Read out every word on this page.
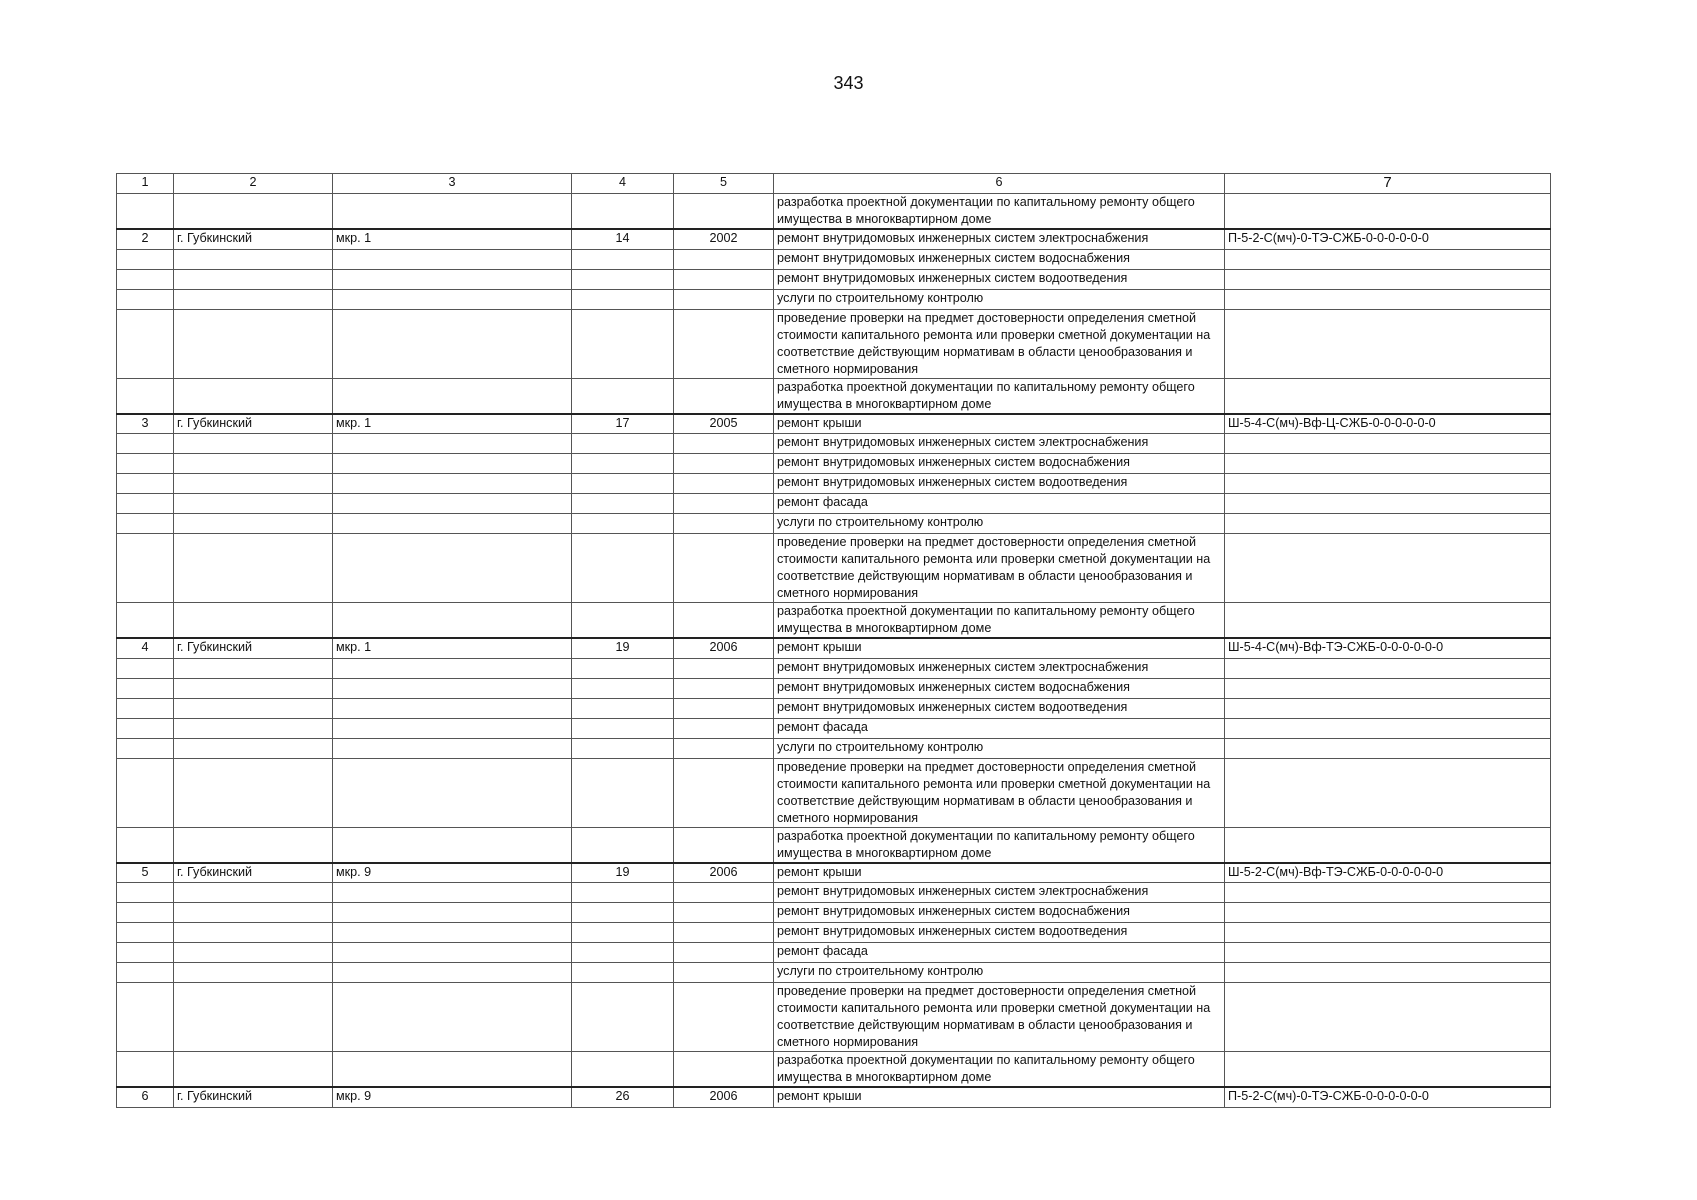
343
1	2	3	4	5	6	7
					разработка проектной документации по капитальному ремонту общего имущества в многоквартирном доме	
2	г. Губкинский	мкр. 1	14	2002	ремонт внутридомовых инженерных систем электроснабжения	П-5-2-С(мч)-0-ТЭ-СЖБ-0-0-0-0-0-0
					ремонт внутридомовых инженерных систем водоснабжения	
					ремонт внутридомовых инженерных систем водоотведения	
					услуги по строительному контролю	
					проведение проверки на предмет достоверности определения сметной стоимости капитального ремонта или проверки сметной документации на соответствие действующим нормативам в области ценообразования и сметного нормирования	
					разработка проектной документации по капитальному ремонту общего имущества в многоквартирном доме	
3	г. Губкинский	мкр. 1	17	2005	ремонт крыши	Ш-5-4-С(мч)-Вф-Ц-СЖБ-0-0-0-0-0-0
					ремонт внутридомовых инженерных систем электроснабжения	
					ремонт внутридомовых инженерных систем водоснабжения	
					ремонт внутридомовых инженерных систем водоотведения	
					ремонт фасада	
					услуги по строительному контролю	
					проведение проверки на предмет достоверности определения сметной стоимости капитального ремонта или проверки сметной документации на соответствие действующим нормативам в области ценообразования и сметного нормирования	
					разработка проектной документации по капитальному ремонту общего имущества в многоквартирном доме	
4	г. Губкинский	мкр. 1	19	2006	ремонт крыши	Ш-5-4-С(мч)-Вф-ТЭ-СЖБ-0-0-0-0-0-0
					ремонт внутридомовых инженерных систем электроснабжения	
					ремонт внутридомовых инженерных систем водоснабжения	
					ремонт внутридомовых инженерных систем водоотведения	
					ремонт фасада	
					услуги по строительному контролю	
					проведение проверки на предмет достоверности определения сметной стоимости капитального ремонта или проверки сметной документации на соответствие действующим нормативам в области ценообразования и сметного нормирования	
					разработка проектной документации по капитальному ремонту общего имущества в многоквартирном доме	
5	г. Губкинский	мкр. 9	19	2006	ремонт крыши	Ш-5-2-С(мч)-Вф-ТЭ-СЖБ-0-0-0-0-0-0
					ремонт внутридомовых инженерных систем электроснабжения	
					ремонт внутридомовых инженерных систем водоснабжения	
					ремонт внутридомовых инженерных систем водоотведения	
					ремонт фасада	
					услуги по строительному контролю	
					проведение проверки на предмет достоверности определения сметной стоимости капитального ремонта или проверки сметной документации на соответствие действующим нормативам в области ценообразования и сметного нормирования	
					разработка проектной документации по капитальному ремонту общего имущества в многоквартирном доме	
6	г. Губкинский	мкр. 9	26	2006	ремонт крыши	П-5-2-С(мч)-0-ТЭ-СЖБ-0-0-0-0-0-0
